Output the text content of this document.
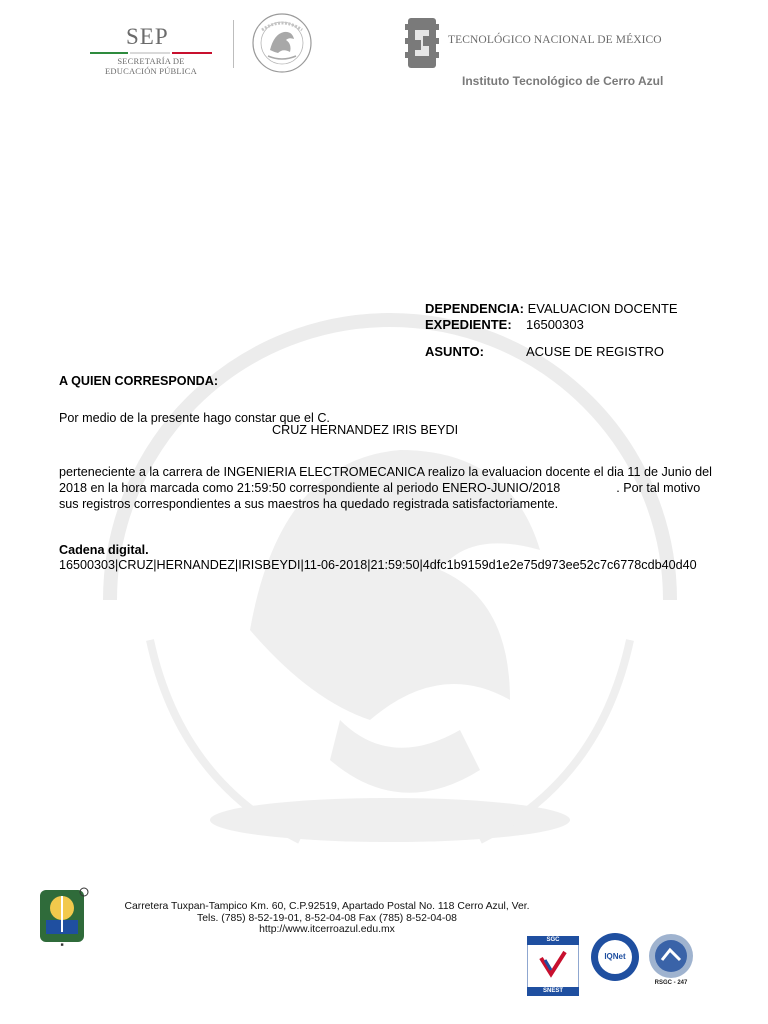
SEP
SECRETARÍA DE
EDUCACIÓN PÚBLICA
TECNOLÓGICO NACIONAL DE MÉXICO
Instituto Tecnológico de Cerro Azul
DEPENDENCIA: EVALUACION DOCENTE
EXPEDIENTE: 16500303
ASUNTO:	ACUSE DE REGISTRO
A QUIEN CORRESPONDA:
Por medio de la presente hago constar que el C.
CRUZ HERNANDEZ IRIS BEYDI
perteneciente a la carrera de INGENIERIA ELECTROMECANICA realizo la evaluacion docente el dia 11 de Junio del 2018 en la hora marcada como 21:59:50 correspondiente al periodo ENERO-JUNIO/2018                . Por tal motivo sus registros correspondientes a sus maestros ha quedado registrada satisfactoriamente.
Cadena digital.
16500303|CRUZ|HERNANDEZ|IRISBEYDI|11-06-2018|21:59:50|4dfc1b9159d1e2e75d973ee52c7c6778cdb40d40
■
Carretera Tuxpan-Tampico Km. 60, C.P.92519, Apartado Postal No. 118 Cerro Azul, Ver.
Tels. (785) 8-52-19-01, 8-52-04-08 Fax (785) 8-52-04-08
http://www.itcerroazul.edu.mx
SGC
SNEST
IQNet
RSGC - 247
